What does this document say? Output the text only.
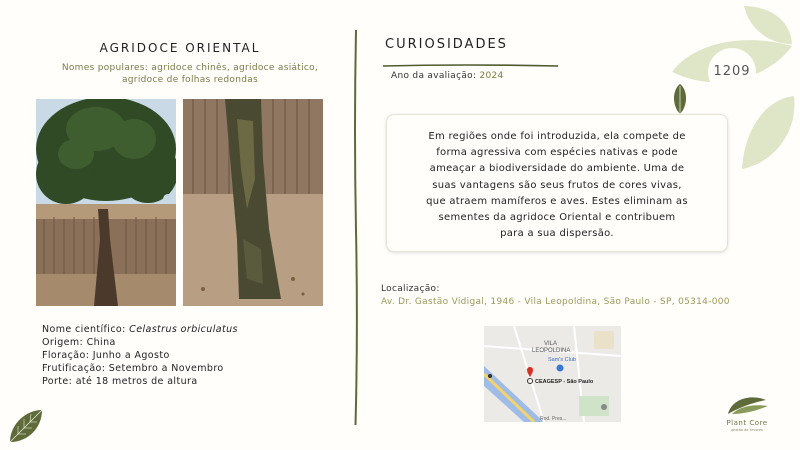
AGRIDOCE ORIENTAL
Nomes populares: agridoce chinês, agridoce asiático, agridoce de folhas redondas
Nome científico: Celastrus orbiculatus
Origem: China
Floração: Junho a Agosto
Frutificação: Setembro a Novembro
Porte: até 18 metros de altura
CURIOSIDADES
Ano da avaliação: 2024

Em regiões onde foi introduzida, ela compete de
forma agressiva com espécies nativas e pode
ameaçar a biodiversidade do ambiente. Uma de
suas vantagens são seus frutos de cores vivas,
que atraem mamíferos e aves. Estes eliminam as
sementes da agridoce Oriental e contribuem
para a sua dispersão.

Localização:
Av. Dr. Gastão Vidigal, 1946 - Vila Leopoldina, São Paulo - SP, 05314-000
VILA
LEOPOLDINA
Sam's Club
CEAGESP - São Paulo
Rod. Pres...
1209
Plant Core
gestão de árvores
